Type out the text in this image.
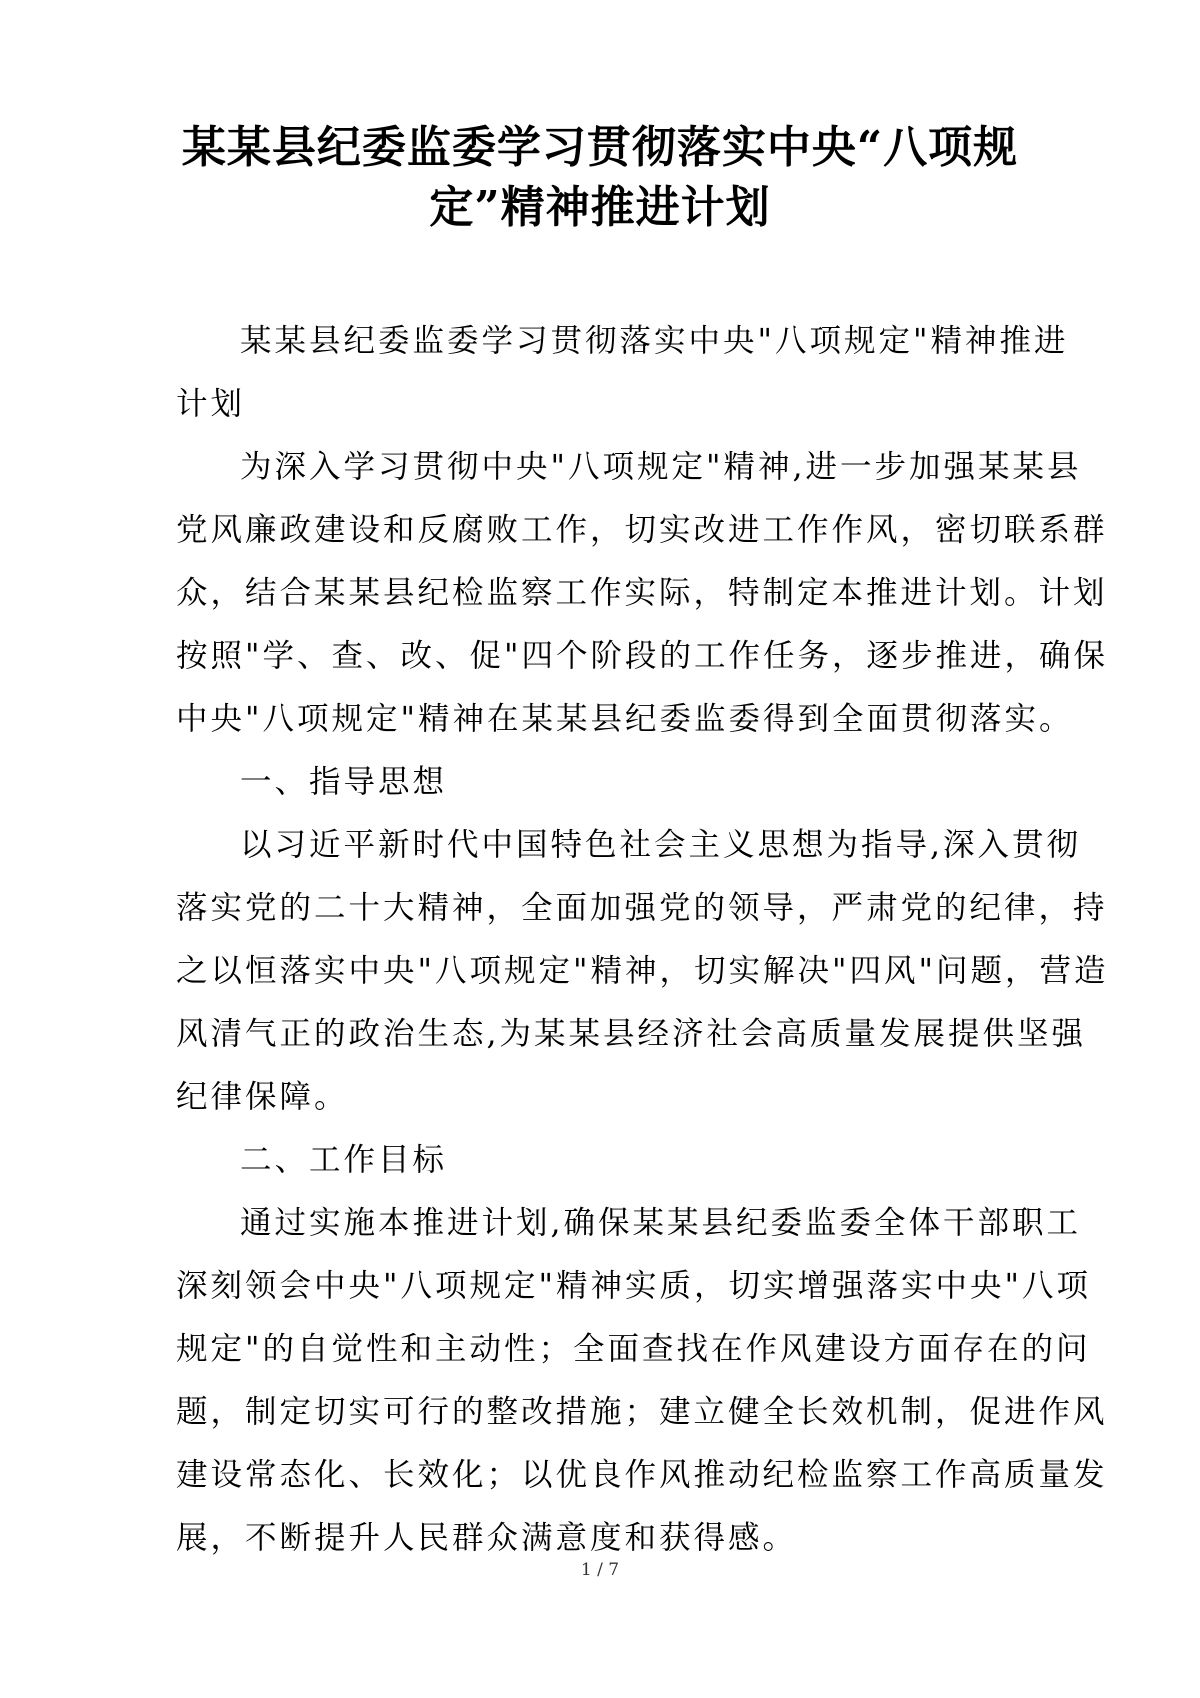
某某县纪委监委学习贯彻落实中央“八项规
定”精神推进计划
某某县纪委监委学习贯彻落实中央"八项规定"精神推进
计划
为深入学习贯彻中央"八项规定"精神,进一步加强某某县
党风廉政建设和反腐败工作，切实改进工作作风，密切联系群
众，结合某某县纪检监察工作实际，特制定本推进计划。计划
按照"学、查、改、促"四个阶段的工作任务，逐步推进，确保
中央"八项规定"精神在某某县纪委监委得到全面贯彻落实。
一、指导思想
以习近平新时代中国特色社会主义思想为指导,深入贯彻
落实党的二十大精神，全面加强党的领导，严肃党的纪律，持
之以恒落实中央"八项规定"精神，切实解决"四风"问题，营造
风清气正的政治生态,为某某县经济社会高质量发展提供坚强
纪律保障。
二、工作目标
通过实施本推进计划,确保某某县纪委监委全体干部职工
深刻领会中央"八项规定"精神实质，切实增强落实中央"八项
规定"的自觉性和主动性；全面查找在作风建设方面存在的问
题，制定切实可行的整改措施；建立健全长效机制，促进作风
建设常态化、长效化；以优良作风推动纪检监察工作高质量发
展，不断提升人民群众满意度和获得感。
1 / 7
